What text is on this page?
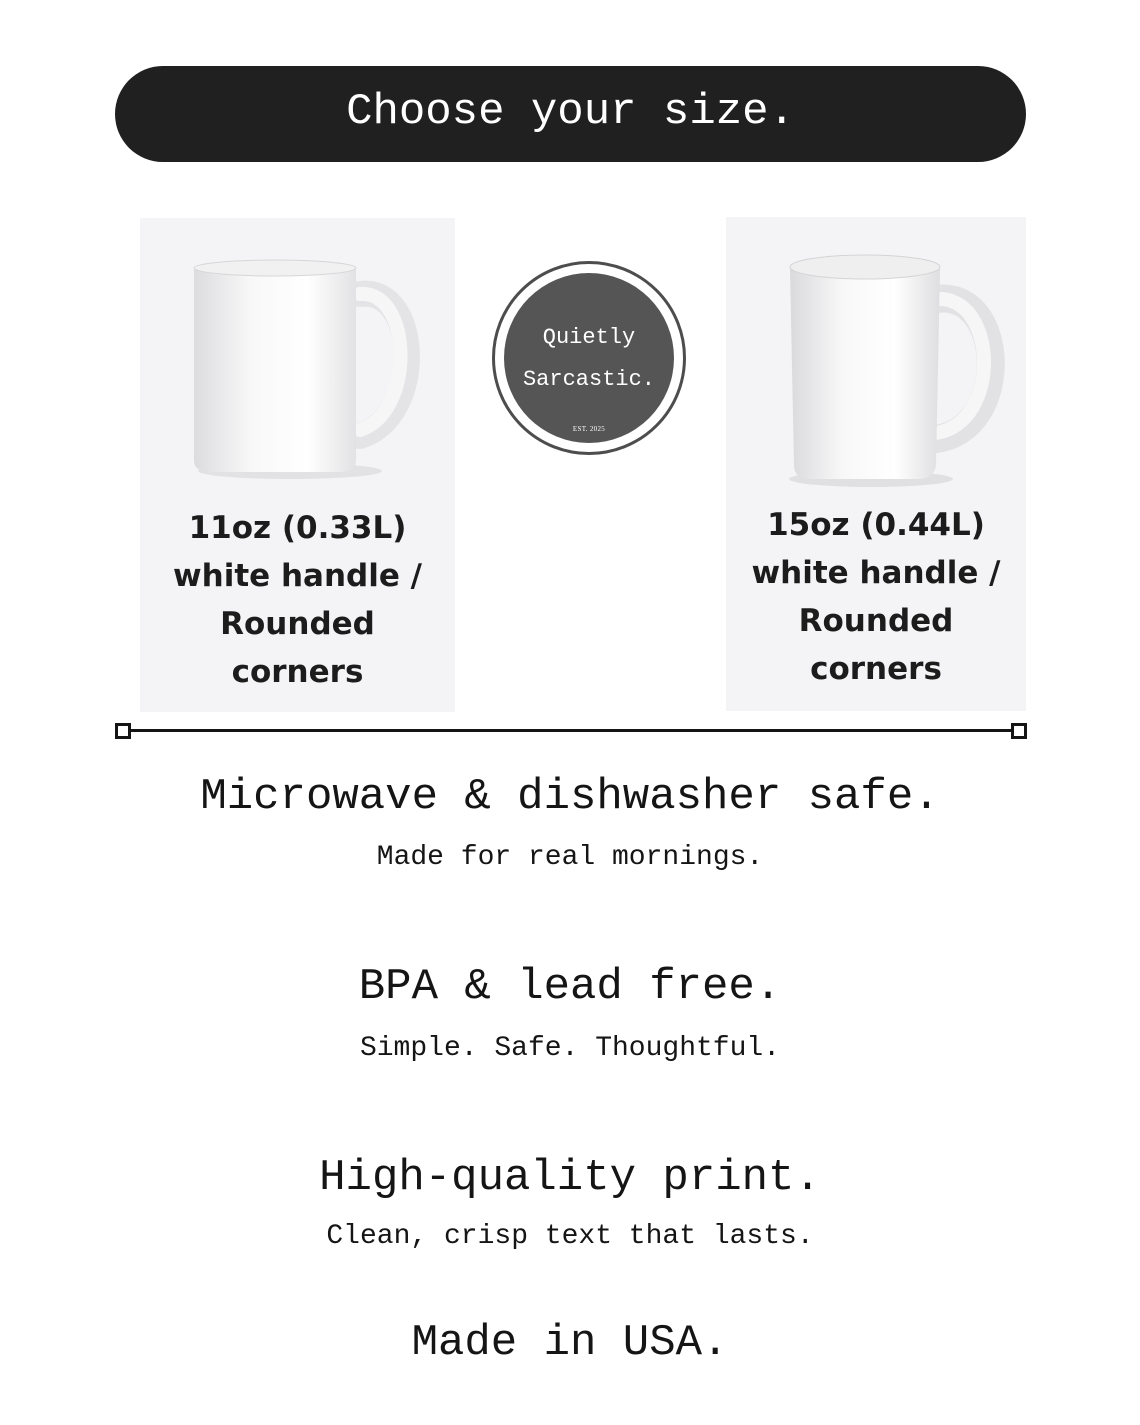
Choose your size.
11oz (0.33L)
white handle /
Rounded
corners
Quietly
Sarcastic.
EST. 2025
15oz (0.44L)
white handle /
Rounded
corners
Microwave & dishwasher safe.
Made for real mornings.
BPA & lead free.
Simple. Safe. Thoughtful.
High-quality print.
Clean, crisp text that lasts.
Made in USA.
